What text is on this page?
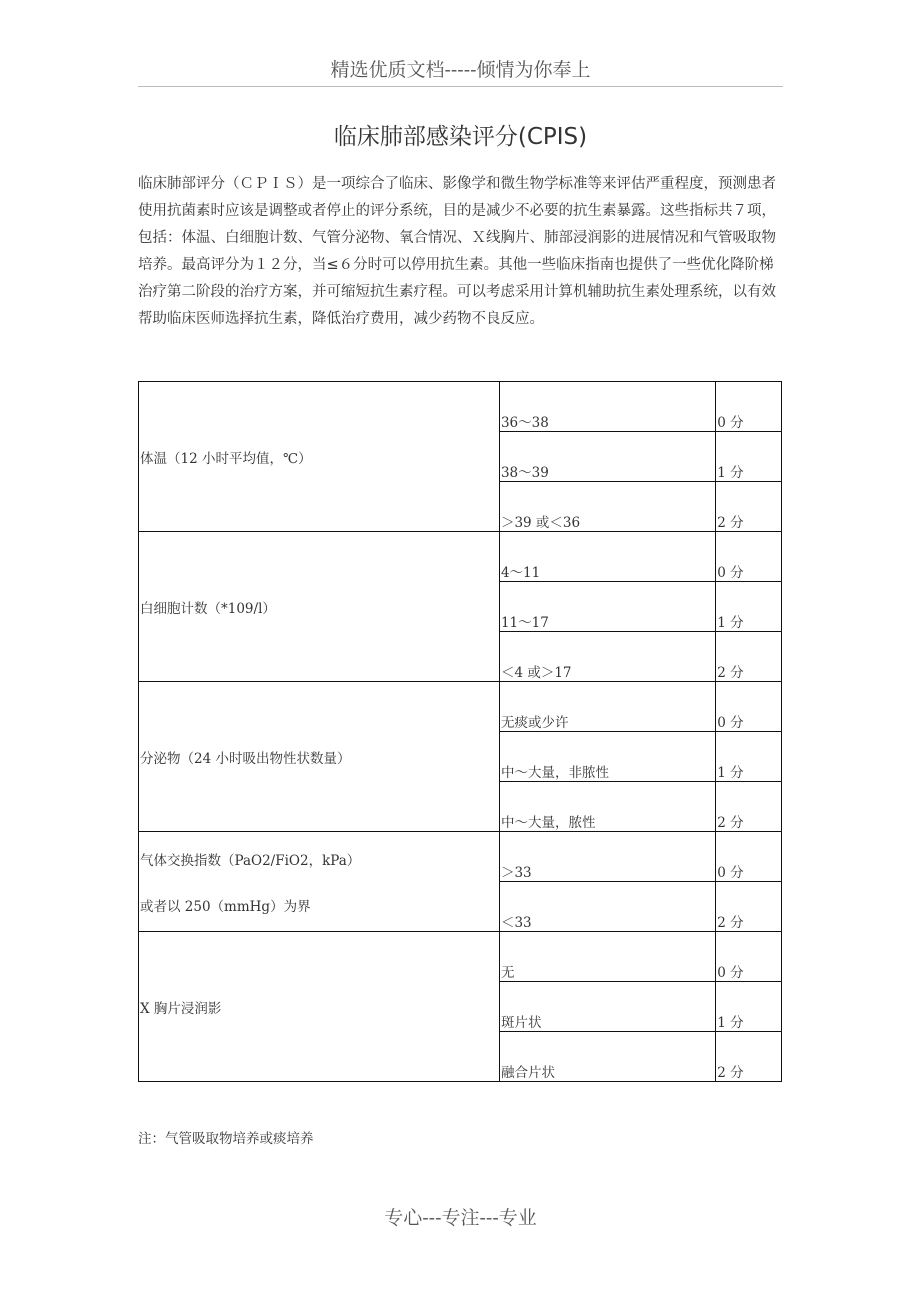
精选优质文档-----倾情为你奉上
临床肺部感染评分(CPIS)

临床肺部评分（ＣＰＩＳ）是一项综合了临床、影像学和微生物学标准等来评估严重程度，预测患者使用抗菌素时应该是调整或者停止的评分系统，目的是减少不必要的抗生素暴露。这些指标共７项，包括：体温、白细胞计数、气管分泌物、氧合情况、Ｘ线胸片、肺部浸润影的进展情况和气管吸取物培养。最高评分为１２分，当≤６分时可以停用抗生素。其他一些临床指南也提供了一些优化降阶梯治疗第二阶段的治疗方案，并可缩短抗生素疗程。可以考虑采用计算机辅助抗生素处理系统，以有效帮助临床医师选择抗生素，降低治疗费用，减少药物不良反应。

体温（12 小时平均值，℃）	36～38	0 分
	38～39	1 分
	＞39 或＜36	2 分
白细胞计数（*109/l）	4～11	0 分
	11～17	1 分
	＜4 或＞17	2 分
分泌物（24 小时吸出物性状数量）	无痰或少许	0 分
	中～大量，非脓性	1 分
	中～大量，脓性	2 分

气体交换指数（PaO2/FiO2，kPa）
或者以 250（mmHg）为界	＞33	0 分
	＜33	2 分
X 胸片浸润影	无	0 分
	斑片状	1 分
	融合片状	2 分
注：气管吸取物培养或痰培养
专心---专注---专业
